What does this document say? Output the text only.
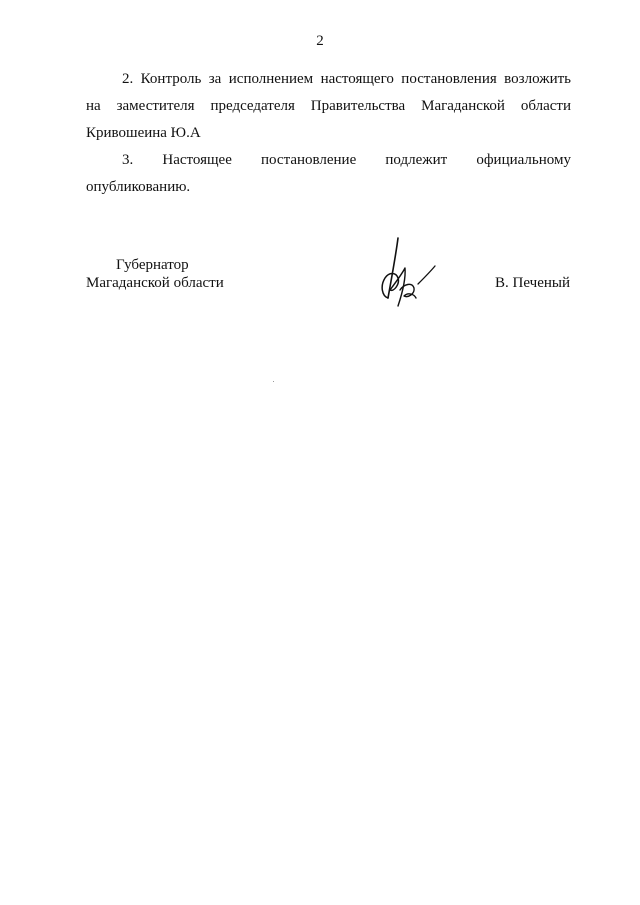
2

2. Контроль за исполнением настоящего постановления возложить

на заместителя председателя Правительства Магаданской области

Кривошеина Ю.А

3. Настоящее постановление подлежит официальному

опубликованию.

Губернатор
Магаданской области	В. Печеный
